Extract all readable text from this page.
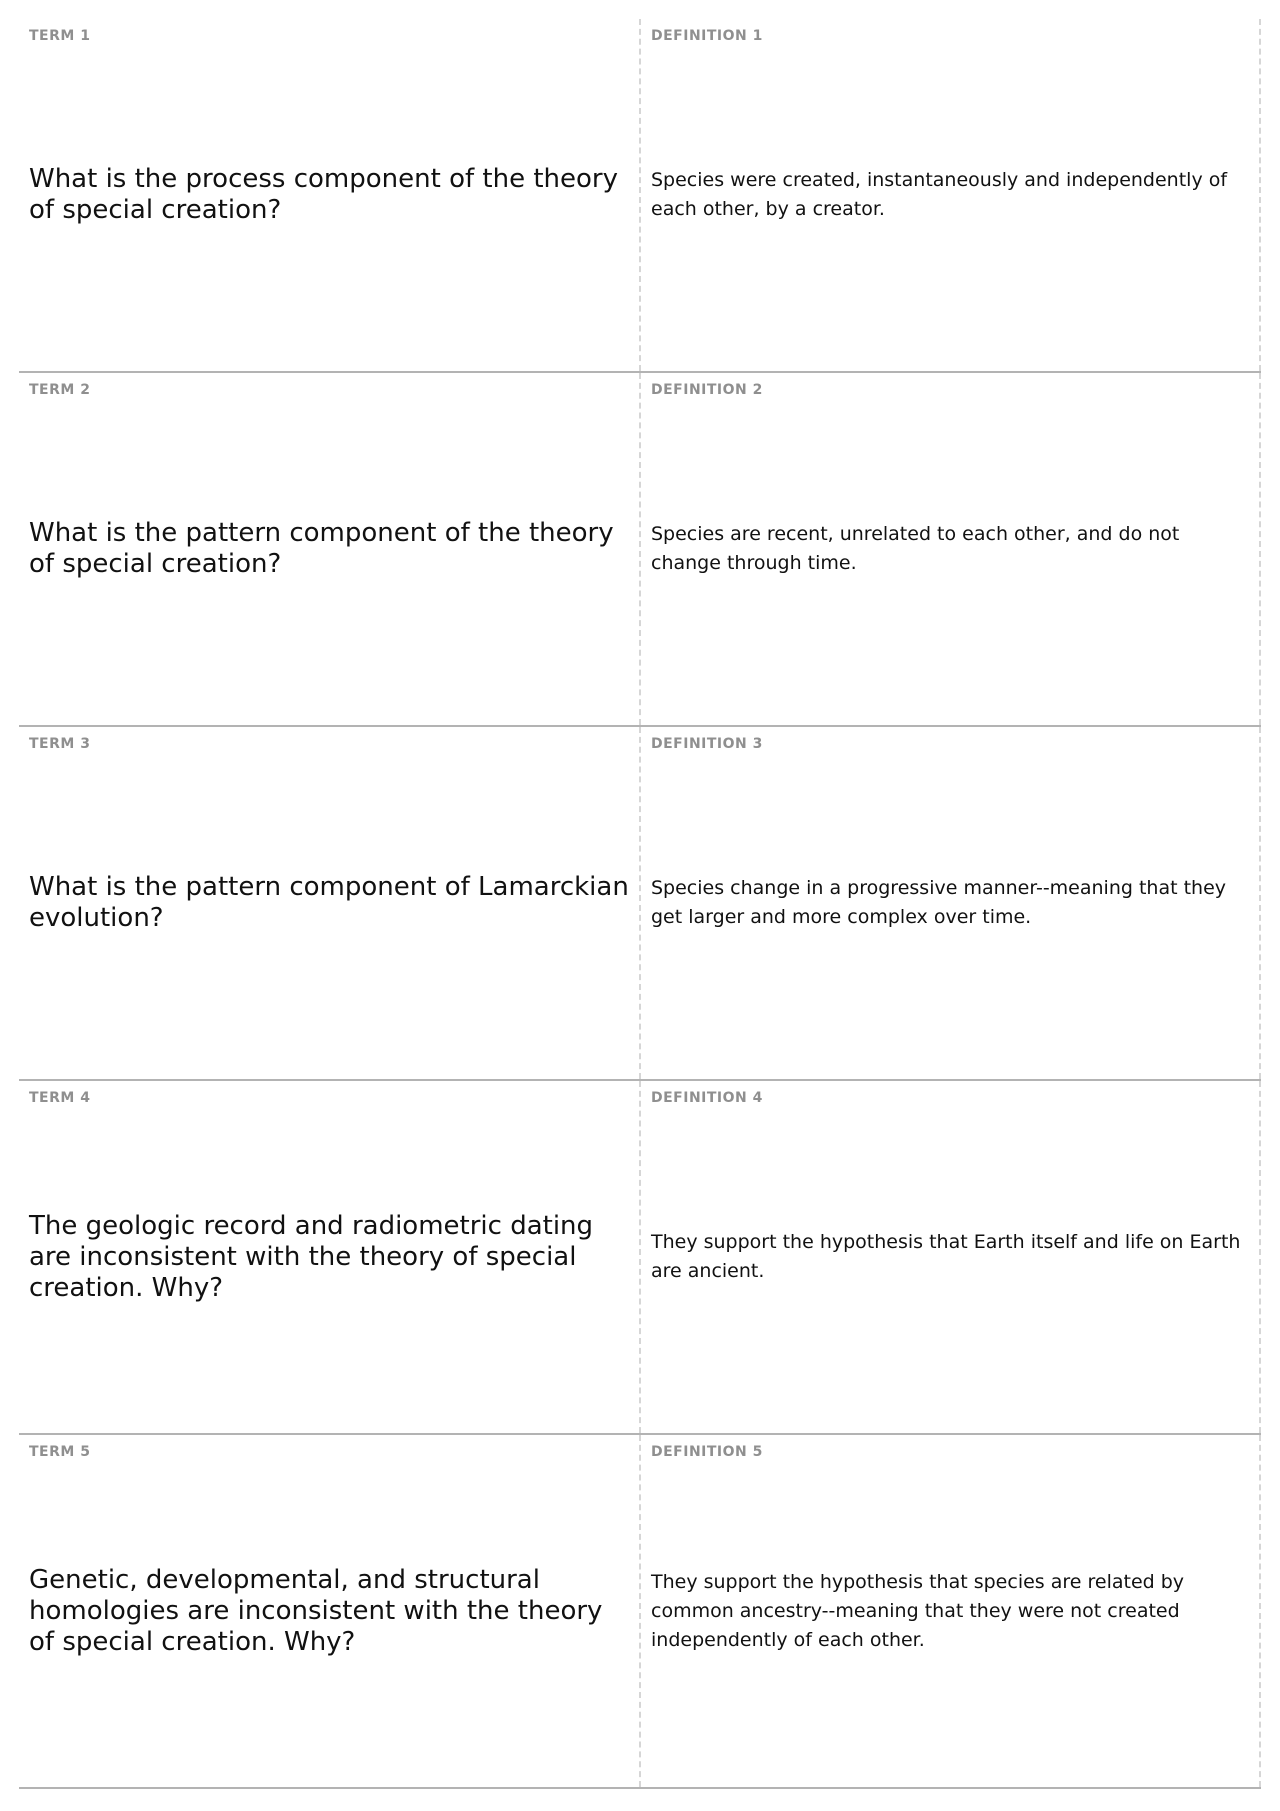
TERM 1
What is the process component of the theory of special creation?
DEFINITION 1
Species were created, instantaneously and independently of each other, by a creator.
TERM 2
What is the pattern component of the theory of special creation?
DEFINITION 2
Species are recent, unrelated to each other, and do not change through time.
TERM 3
What is the pattern component of Lamarckian evolution?
DEFINITION 3
Species change in a progressive manner--meaning that they get larger and more complex over time.
TERM 4
The geologic record and radiometric dating are inconsistent with the theory of special creation. Why?
DEFINITION 4
They support the hypothesis that Earth itself and life on Earth are ancient.
TERM 5
Genetic, developmental, and structural homologies are inconsistent with the theory of special creation. Why?
DEFINITION 5
They support the hypothesis that species are related by common ancestry--meaning that they were not created independently of each other.
